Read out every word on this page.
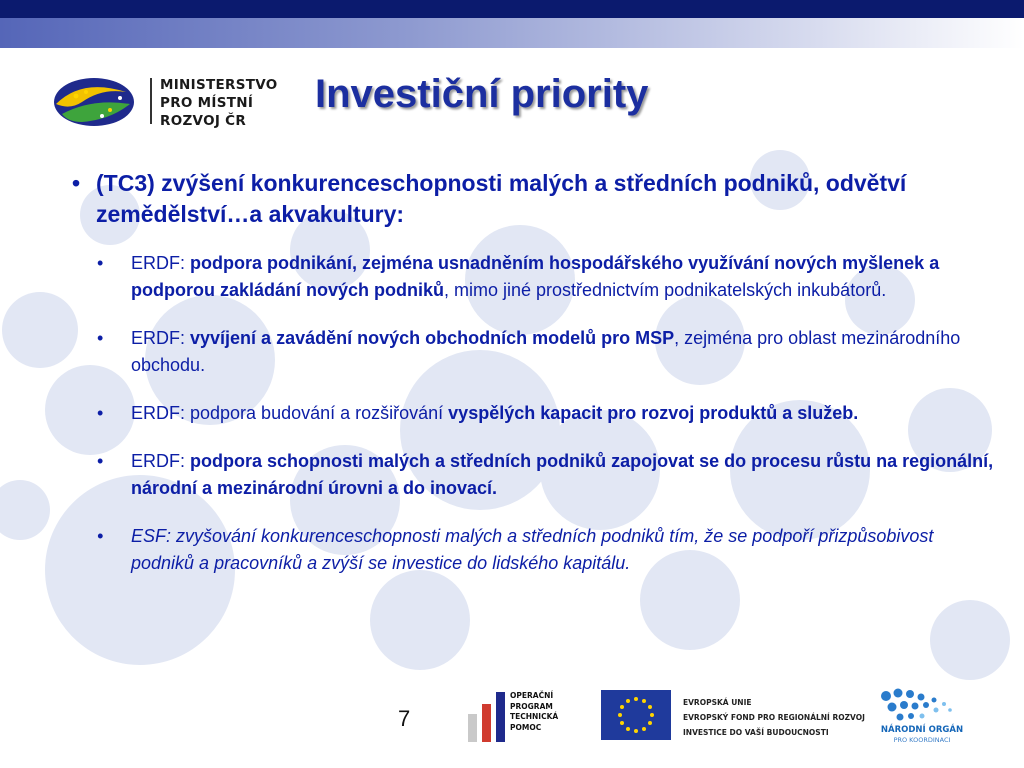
MINISTERSTVO
PRO MÍSTNÍ
ROZVOJ ČR
Investiční priority
• (TC3) zvýšení konkurenceschopnosti malých a středních podniků, odvětví zemědělství…a akvakultury:
•	ERDF: podpora podnikání, zejména usnadněním hospodářského využívání nových myšlenek a podporou zakládání nových podniků, mimo jiné prostřednictvím podnikatelských inkubátorů.
•	ERDF: vyvíjení a zavádění nových obchodních modelů pro MSP, zejména pro oblast mezinárodního obchodu.
•	ERDF: podpora budování a rozšiřování vyspělých kapacit pro rozvoj produktů a služeb.
•	ERDF: podpora schopnosti malých a středních podniků zapojovat se do procesu růstu na regionální, národní a mezinárodní úrovni a do inovací.
•	ESF: zvyšování konkurenceschopnosti malých a středních podniků tím, že se podpoří přizpůsobivost podniků a pracovníků a zvýší se investice do lidského kapitálu.
7
OPERAČNÍ
PROGRAM
TECHNICKÁ
POMOC
EVROPSKÁ UNIE
EVROPSKÝ FOND PRO REGIONÁLNÍ ROZVOJ
INVESTICE DO VAŠÍ BUDOUCNOSTI	NÁRODNÍ ORGÁN
PRO KOORDINACI
